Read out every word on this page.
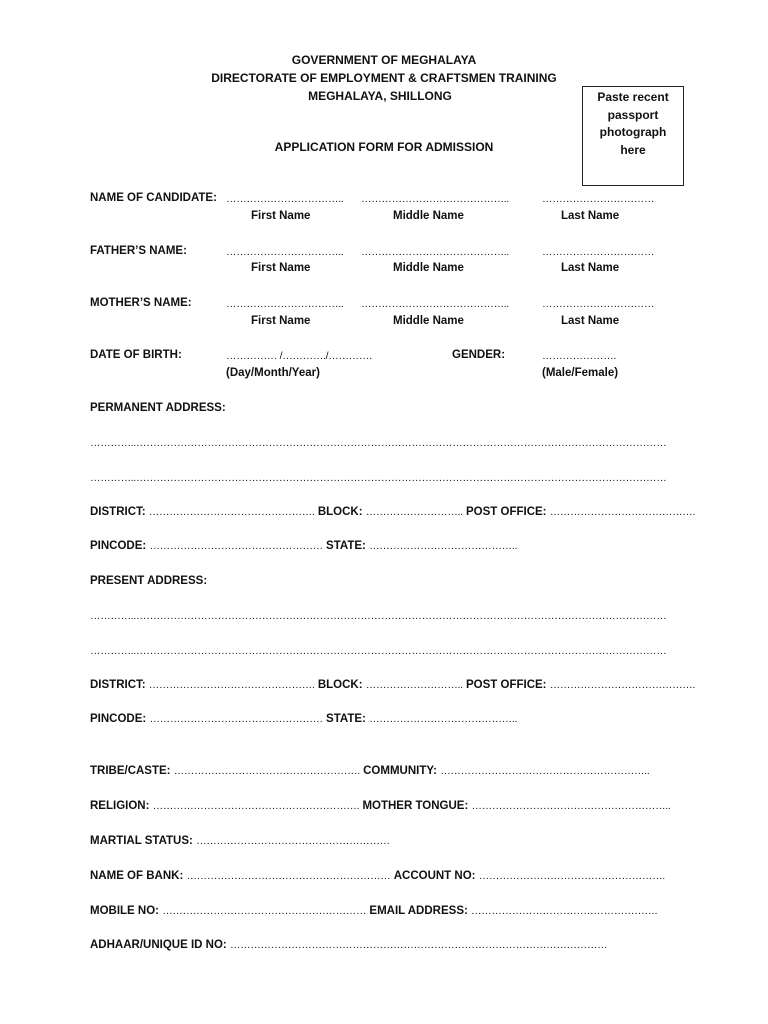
GOVERNMENT OF MEGHALAYA
DIRECTORATE OF EMPLOYMENT & CRAFTSMEN TRAINING
MEGHALAYA, SHILLONG
APPLICATION FORM FOR ADMISSION
Paste recent passport photograph here
NAME OF CANDIDATE: …………………………….. ……………………………………..	……………………………
First Name	Middle Name	Last Name
FATHER’S NAME:	…………………………….. ……………………………………..	……………………………
First Name	Middle Name	Last Name
MOTHER’S NAME:	…………………………….. ……………………………………..	……………………………
First Name	Middle Name	Last Name
DATE OF BIRTH:	…………… /…………./………….
(Day/Month/Year)
GENDER:	………………….
(Male/Female)
PERMANENT ADDRESS:
…………..…………………………………………………………………………………………………………………………………………
…………..…………………………………………………………………………………………………………………………………………
DISTRICT: …………………………………………. BLOCK: ……………………….. POST OFFICE: …………………………………….
PINCODE: …………………………………………… STATE: ……………………………………..
PRESENT ADDRESS:
…………..…………………………………………………………………………………………………………………………………………
…………..…………………………………………………………………………………………………………………………………………
DISTRICT: …………………………………………. BLOCK: ……………………….. POST OFFICE: …………………………………….
PINCODE: …………………………………………… STATE: ……………………………………..
TRIBE/CASTE: ………………………………………………. COMMUNITY: ……………………………………………………..
RELIGION: ……………………………………………………. MOTHER TONGUE: …………………………………………………..
MARTIAL STATUS: …………………………………………………
NAME OF BANK: …………………………………………………… ACCOUNT NO: ……………………………………………….
MOBILE NO: …………………………………………………… EMAIL ADDRESS: ……………………………………………….
ADHAAR/UNIQUE ID NO: …………………………………………………………………………………………………
